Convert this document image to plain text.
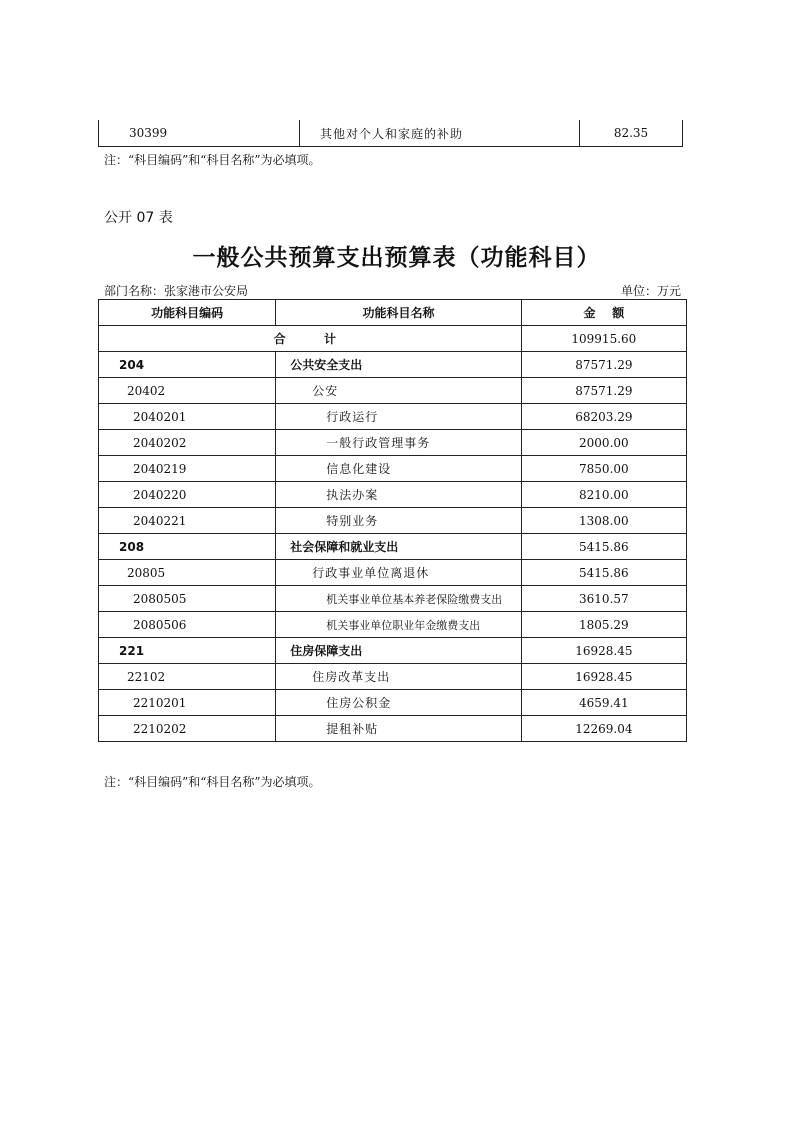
30399	其他对个人和家庭的补助	82.35
注：“科目编码”和“科目名称”为必填项。
公开 07 表
一般公共预算支出预算表（功能科目）
部门名称：张家港市公安局	单位：万元
功能科目编码	功能科目名称	金    额
合  计		109915.60
204	公共安全支出	87571.29
20402	公安	87571.29
2040201	行政运行	68203.29
2040202	一般行政管理事务	2000.00
2040219	信息化建设	7850.00
2040220	执法办案	8210.00
2040221	特别业务	1308.00
208	社会保障和就业支出	5415.86
20805	行政事业单位离退休	5415.86
2080505	机关事业单位基本养老保险缴费支出	3610.57
2080506	机关事业单位职业年金缴费支出	1805.29
221	住房保障支出	16928.45
22102	住房改革支出	16928.45
2210201	住房公积金	4659.41
2210202	提租补贴	12269.04
注：“科目编码”和“科目名称”为必填项。
